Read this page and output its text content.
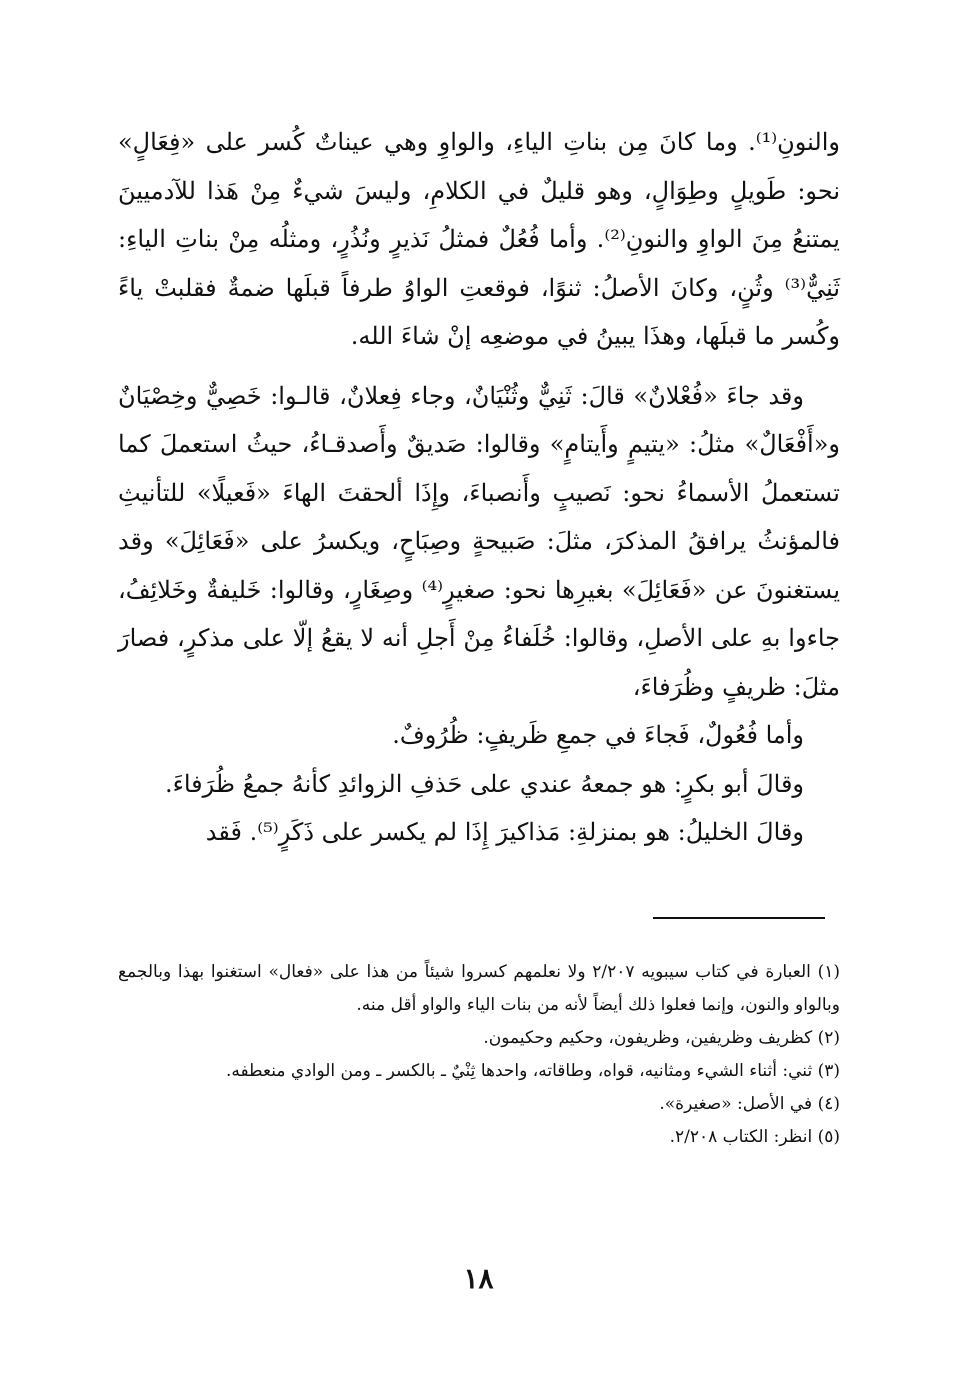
والنونِ⁽¹⁾. وما كانَ مِن بناتِ الياءِ، والواوِ وهي عيناتٌ كُسر على «فِعَالٍ» نحو: طَويلٍ وطِوَالٍ، وهو قليلٌ في الكلامِ، وليسَ شيءٌ مِنْ هَذا للآدميينَ يمتنعُ مِنَ الواوِ والنونِ⁽²⁾. وأما فُعُلٌ فمثلُ نَذيرٍ ونُذُرٍ، ومثلُه مِنْ بناتِ الياءِ: ثَنِيٌّ⁽³⁾ وثُنٍ، وكانَ الأصلُ: ثنوًا، فوقعتِ الواوُ طرفاً قبلَها ضمةٌ فقلبتْ ياءً وكُسر ما قبلَها، وهذَا يبينُ في موضعِه إنْ شاءَ الله.

وقد جاءَ «فُعْلانٌ» قالَ: ثَنِيٌّ وثُنْيَانٌ، وجاء فِعلانٌ، قالـوا: خَصِيٌّ وخِصْيَانٌ و«أَفْعَالٌ» مثلُ: «يتيمٍ وأَيتامٍ» وقالوا: صَديقٌ وأَصدقـاءُ، حيثُ استعملَ كما تستعملُ الأسماءُ نحو: نَصيبٍ وأَنصباءَ، وإِذَا ألحقتَ الهاءَ «فَعيلًا» للتأنيثِ فالمؤنثُ يرافقُ المذكرَ، مثلَ: صَبيحةٍ وصِبَاحٍ، ويكسرُ على «فَعَائِلَ» وقد يستغنونَ عن «فَعَائِلَ» بغيرِها نحو: صغيرٍ⁽⁴⁾ وصِغَارٍ، وقالوا: خَليفةٌ وخَلائِفُ، جاءوا بهِ على الأصلِ، وقالوا: خُلَفاءُ مِنْ أَجلِ أنه لا يقعُ إلّا على مذكرٍ، فصارَ مثلَ: ظريفٍ وظُرَفاءَ،

وأما فُعُولٌ، فَجاءَ في جمعِ ظَريفٍ: ظُرُوفٌ.

وقالَ أبو بكرٍ: هو جمعهُ عندي على حَذفِ الزوائدِ كأنهُ جمعُ ظُرَفاءَ.

وقالَ الخليلُ: هو بمنزلةِ: مَذاكيرَ إِذَا لم يكسر على ذَكَرٍ⁽⁵⁾. فَقد

(١) العبارة في كتاب سيبويه ٢/٢٠٧ ولا نعلمهم كسروا شيئاً من هذا على «فعال» استغنوا بهذا وبالجمع وبالواو والنون، وإنما فعلوا ذلك أيضاً لأنه من بنات الياء والواو أقل منه.

(٢) كظريف وظريفين، وظريفون، وحكيم وحكيمون.

(٣) ثني: أثناء الشيء ومثانيه، قواه، وطاقاته، واحدها ثِنْيٌ ـ بالكسر ـ ومن الوادي منعطفه.

(٤) في الأصل: «صغيرة».

(٥) انظر: الكتاب ٢/٢٠٨.

١٨
